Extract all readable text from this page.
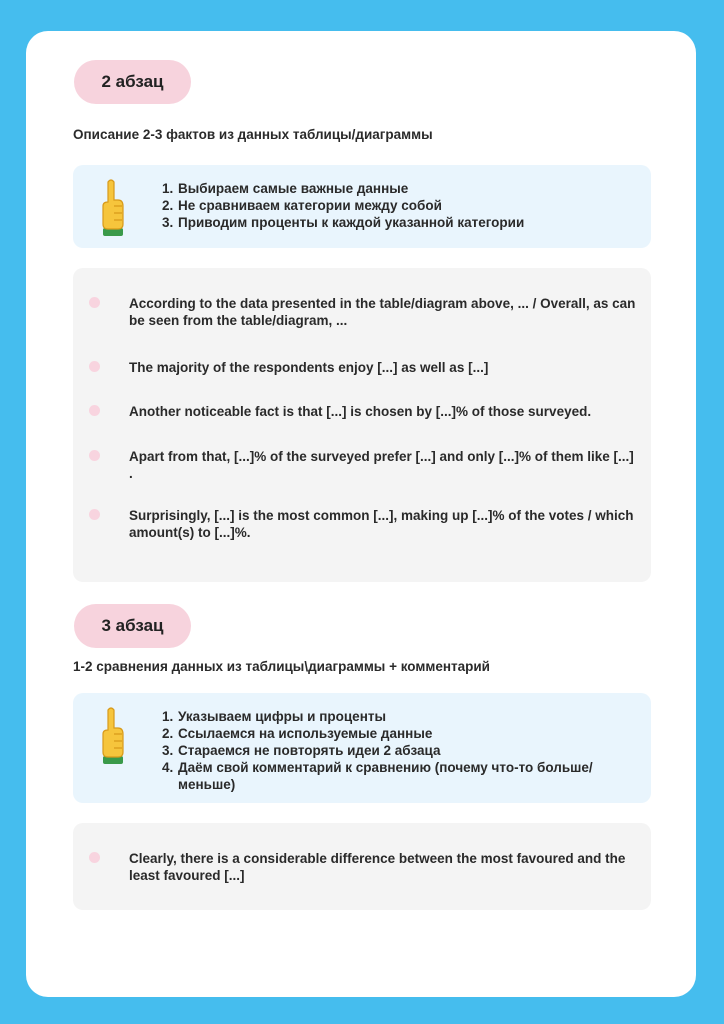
2 абзац
Описание 2-3 фактов из данных таблицы/диаграммы
1. Выбираем самые важные данные
2. Не сравниваем категории между собой
3. Приводим проценты к каждой указанной категории
According to the data presented in the table/diagram above, ... / Overall, as can be seen from the table/diagram, ...
The majority of the respondents enjoy [...] as well as [...]
Another noticeable fact is that [...] is chosen by [...]% of those surveyed.
Apart from that, [...]% of the surveyed prefer [...] and only [...]% of them like [...] .
Surprisingly, [...] is the most common [...], making up [...]% of the votes / which amount(s) to [...]%.
3 абзац
1-2 сравнения данных из таблицы\диаграммы + комментарий
1. Указываем цифры и проценты
2. Ссылаемся на используемые данные
3. Стараемся не повторять идеи 2 абзаца
4. Даём свой комментарий к сравнению (почему что-то больше/ меньше)
Clearly, there is a considerable difference between the most favoured and the least favoured [...]
